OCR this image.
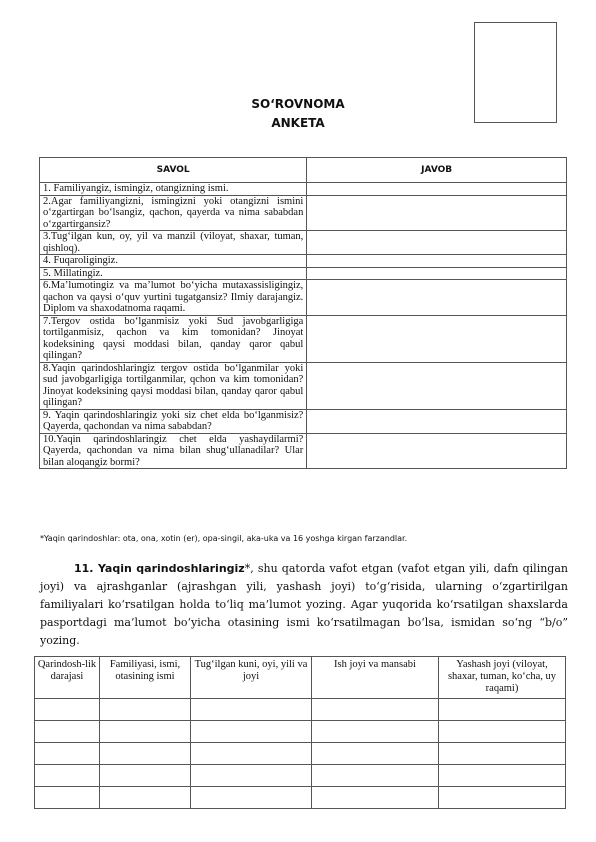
SO‘ROVNOMA
ANKETA
SAVOL	JAVOB
1. Familiyangiz, ismingiz, otangizning ismi.	
2.Agar familiyangizni, ismingizni yoki otangizni ismini o‘zgartirgan bo‘lsangiz, qachon, qayerda va nima sababdan o‘zgartirgansiz?	
3.Tug‘ilgan kun, oy, yil va manzil (viloyat, shaxar, tuman, qishloq).	
4. Fuqaroligingiz.	
5. Millatingiz.	
6.Ma’lumotingiz va ma’lumot bo‘yicha mutaxassisligingiz, qachon va qaysi o‘quv yurtini tugatgansiz? Ilmiy darajangiz. Diplom va shaxodatnoma raqami.	
7.Tergov ostida bo‘lganmisiz yoki Sud javobgarligiga tortilganmisiz, qachon va kim tomonidan? Jinoyat kodeksining qaysi moddasi bilan, qanday qaror qabul qilingan?	
8.Yaqin qarindoshlaringiz tergov ostida bo‘lganmilar yoki sud javobgarligiga tortilganmilar, qchon va kim tomonidan? Jinoyat kodeksining qaysi moddasi bilan, qanday qaror qabul qilingan?	
9. Yaqin qarindoshlaringiz yoki siz chet elda bo‘lganmisiz? Qayerda, qachondan va nima sababdan?	
10.Yaqin qarindoshlaringiz chet elda yashaydilarmi? Qayerda, qachondan va nima bilan shug‘ullanadilar? Ular bilan aloqangiz bormi?	
*Yaqin qarindoshlar: ota, ona, xotin (er), opa-singil, aka-uka va 16 yoshga kirgan farzandlar.
11. Yaqin qarindoshlaringiz*, shu qatorda vafot etgan (vafot etgan yili, dafn qilingan joyi) va ajrashganlar (ajrashgan yili, yashash joyi) to‘g‘risida, ularning o‘zgartirilgan familiyalari ko‘rsatilgan holda to‘liq ma’lumot yozing. Agar yuqorida ko‘rsatilgan shaxslarda pasportdagi ma’lumot bo‘yicha otasining ismi ko‘rsatilmagan bo‘lsa, ismidan so‘ng “b/o” yozing.
Qarindosh-lik darajasi	Familiyasi, ismi, otasining ismi	Tug‘ilgan kuni, oyi, yili va joyi	Ish joyi va mansabi	Yashash joyi (viloyat, shaxar, tuman, ko‘cha, uy raqami)
